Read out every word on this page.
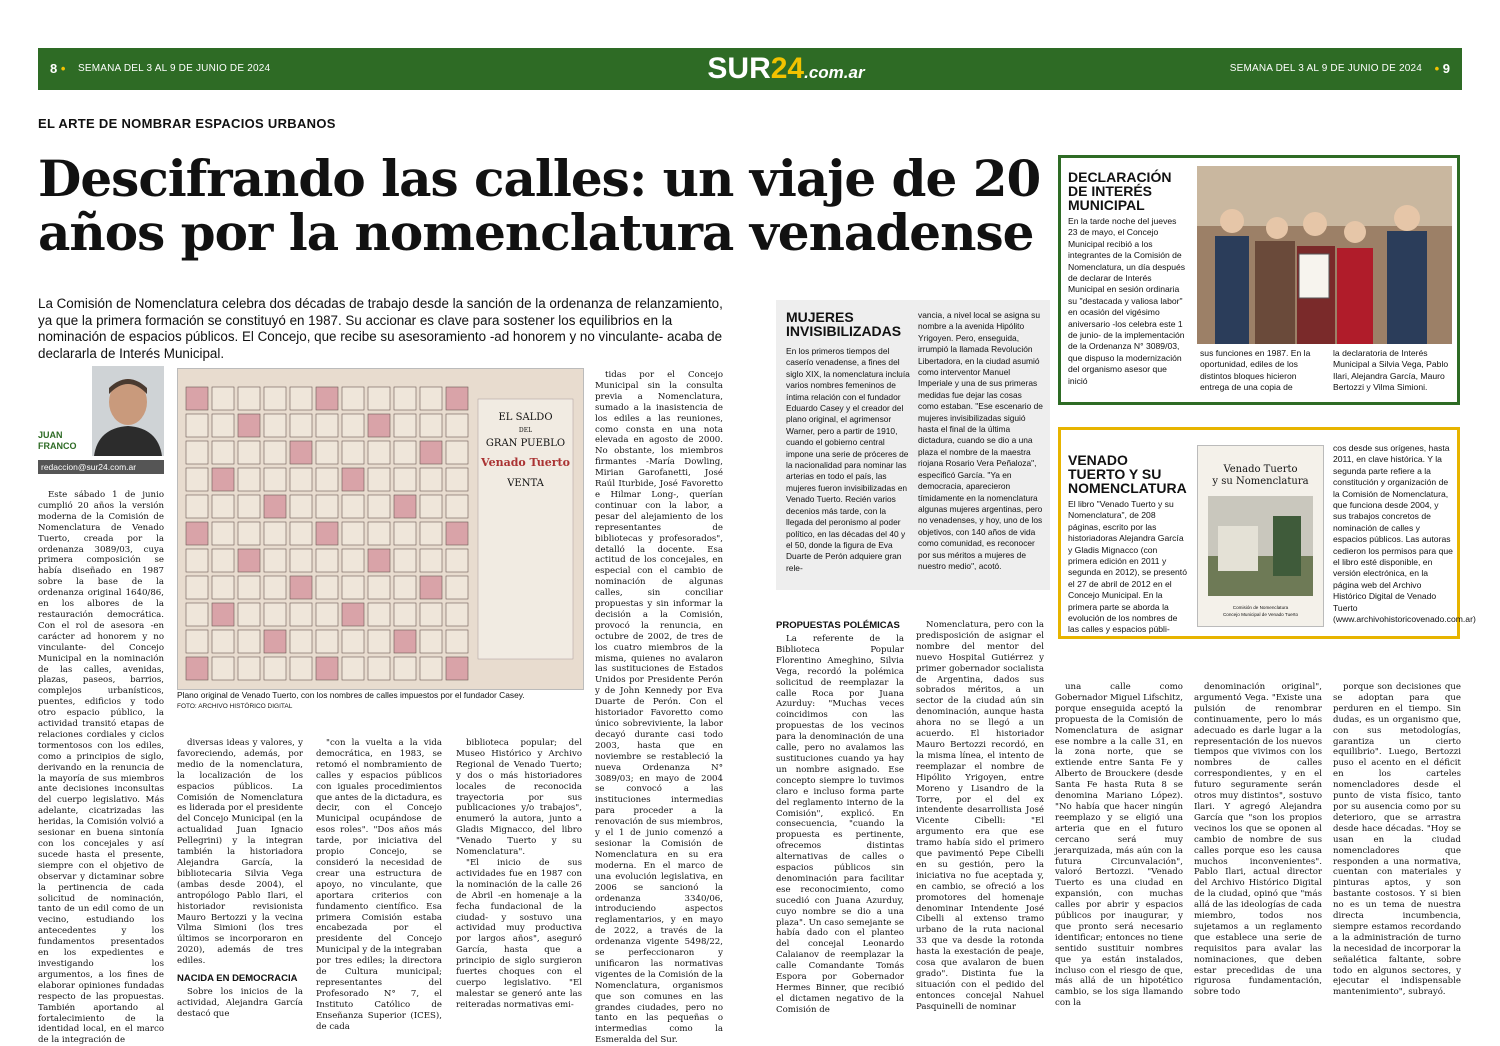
8 • SEMANA DEL 3 AL 9 DE JUNIO DE 2024	SUR24.com.ar	SEMANA DEL 3 AL 9 DE JUNIO DE 2024 • 9
EL ARTE DE NOMBRAR ESPACIOS URBANOS
Descifrando las calles: un viaje de 20 años por la nomenclatura venadense
La Comisión de Nomenclatura celebra dos décadas de trabajo desde la sanción de la ordenanza de relanzamiento, ya que la primera formación se constituyó en 1987. Su accionar es clave para sostener los equilibrios en la nominación de espacios públicos. El Concejo, que recibe su asesoramiento -ad honorem y no vinculante- acaba de declararla de Interés Municipal.
JUAN
FRANCO
redaccion@sur24.com.ar
EL SALDO
DEL
GRAN PUEBLO
Venado Tuerto
VENTA
Plano original de Venado Tuerto, con los nombres de calles impuestos por el fundador Casey.
FOTO: ARCHIVO HISTÓRICO DIGITAL

Este sábado 1 de junio cumplió 20 años la versión moderna de la Comisión de Nomenclatura de Venado Tuerto, creada por la ordenanza 3089/03, cuya primera composición se había diseñado en 1987 sobre la base de la ordenanza original 1640/86, en los albores de la restauración democrática. Con el rol de asesora -en carácter ad honorem y no vinculante- del Concejo Municipal en la nominación de las calles, avenidas, plazas, paseos, barrios, complejos urbanísticos, puentes, edificios y todo otro espacio público, la actividad transitó etapas de relaciones cordiales y ciclos tormentosos con los ediles, como a principios de siglo, derivando en la renuncia de la mayoría de sus miembros ante decisiones inconsultas del cuerpo legislativo. Más adelante, cicatrizadas las heridas, la Comisión volvió a sesionar en buena sintonía con los concejales y así sucede hasta el presente, siempre con el objetivo de observar y dictaminar sobre la pertinencia de cada solicitud de nominación, tanto de un edil como de un vecino, estudiando los antecedentes y los fundamentos presentados en los expedientes e investigando los argumentos, a los fines de elaborar opiniones fundadas respecto de las propuestas. También aportando al fortalecimiento de la identidad local, en el marco de la integración de

diversas ideas y valores, y favoreciendo, además, por medio de la nomenclatura, la localización de los espacios públicos. La Comisión de Nomenclatura es liderada por el presidente del Concejo Municipal (en la actualidad Juan Ignacio Pellegrini) y la integran también la historiadora Alejandra García, la bibliotecaria Silvia Vega (ambas desde 2004), el antropólogo Pablo Ilari, el historiador revisionista Mauro Bertozzi y la vecina Vilma Simioni (los tres últimos se incorporaron en 2020), además de tres ediles.

NACIDA EN DEMOCRACIA

Sobre los inicios de la actividad, Alejandra García destacó que

"con la vuelta a la vida democrática, en 1983, se retomó el nombramiento de calles y espacios públicos con iguales procedimientos que antes de la dictadura, es decir, con el Concejo Municipal ocupándose de esos roles". "Dos años más tarde, por iniciativa del propio Concejo, se consideró la necesidad de crear una estructura de apoyo, no vinculante, que aportara criterios con fundamento científico. Esa primera Comisión estaba encabezada por el presidente del Concejo Municipal y de la integraban por tres ediles; la directora de Cultura municipal; representantes del Profesorado N° 7, el Instituto Católico de Enseñanza Superior (ICES), de cada

biblioteca popular; del Museo Histórico y Archivo Regional de Venado Tuerto; y dos o más historiadores locales de reconocida trayectoria por sus publicaciones y/o trabajos", enumeró la autora, junto a Gladis Mignacco, del libro "Venado Tuerto y su Nomenclatura".

"El inicio de sus actividades fue en 1987 con la nominación de la calle 26 de Abril -en homenaje a la fecha fundacional de la ciudad- y sostuvo una actividad muy productiva por largos años", aseguró García, hasta que a principio de siglo surgieron fuertes choques con el cuerpo legislativo. "El malestar se generó ante las reiteradas normativas emi-

tidas por el Concejo Municipal sin la consulta previa a Nomenclatura, sumado a la inasistencia de los ediles a las reuniones, como consta en una nota elevada en agosto de 2000. No obstante, los miembros firmantes -María Dowling, Mirian Garofanetti, José Raúl Iturbide, José Favoretto e Hilmar Long-, querían continuar con la labor, a pesar del alejamiento de los representantes de bibliotecas y profesorados", detalló la docente. Esa actitud de los concejales, en especial con el cambio de nominación de algunas calles, sin conciliar propuestas y sin informar la decisión a la Comisión, provocó la renuncia, en octubre de 2002, de tres de los cuatro miembros de la misma, quienes no avalaron las sustituciones de Estados Unidos por Presidente Perón y de John Kennedy por Eva Duarte de Perón. Con el historiador Favoretto como único sobreviviente, la labor decayó durante casi todo 2003, hasta que en noviembre se restableció la nueva Ordenanza N° 3089/03; en mayo de 2004 se convocó a las instituciones intermedias para proceder a la renovación de sus miembros, y el 1 de junio comenzó a sesionar la Comisión de Nomenclatura en su era moderna. En el marco de una evolución legislativa, en 2006 se sancionó la ordenanza 3340/06, introduciendo aspectos reglamentarios, y en mayo de 2022, a través de la ordenanza vigente 5498/22, se perfeccionaron y unificaron las normativas vigentes de la Comisión de la Nomenclatura, organismos que son comunes en las grandes ciudades, pero no tanto en las pequeñas o intermedias como la Esmeralda del Sur.

MUJERES INVISIBILIZADAS
En los primeros tiempos del caserío venadense, a fines del siglo XIX, la nomenclatura incluía varios nombres femeninos de íntima relación con el fundador Eduardo Casey y el creador del plano original, el agrimensor Warner, pero a partir de 1910, cuando el gobierno central impone una serie de próceres de la nacionalidad para nominar las arterias en todo el país, las mujeres fueron invisibilizadas en Venado Tuerto. Recién varios decenios más tarde, con la llegada del peronismo al poder político, en las décadas del 40 y el 50, donde la figura de Eva Duarte de Perón adquiere gran rele-
vancia, a nivel local se asigna su nombre a la avenida Hipólito Yrigoyen. Pero, enseguida, irrumpió la llamada Revolución Libertadora, en la ciudad asumió como interventor Manuel Imperiale y una de sus primeras medidas fue dejar las cosas como estaban. "Ese escenario de mujeres invisibilizadas siguió hasta el final de la última dictadura, cuando se dio a una plaza el nombre de la maestra riojana Rosario Vera Peñaloza", especificó García. "Ya en democracia, aparecieron tímidamente en la nomenclatura algunas mujeres argentinas, pero no venadenses, y hoy, uno de los objetivos, con 140 años de vida como comunidad, es reconocer por sus méritos a mujeres de nuestro medio", acotó.
PROPUESTAS POLÉMICAS

La referente de la Biblioteca Popular Florentino Ameghino, Silvia Vega, recordó la polémica solicitud de reemplazar la calle Roca por Juana Azurduy: "Muchas veces coincidimos con las propuestas de los vecinos para la denominación de una calle, pero no avalamos las sustituciones cuando ya hay un nombre asignado. Ese concepto siempre lo tuvimos claro e incluso forma parte del reglamento interno de la Comisión", explicó. En consecuencia, "cuando la propuesta es pertinente, ofrecemos distintas alternativas de calles o espacios públicos sin denominación para facilitar ese reconocimiento, como sucedió con Juana Azurduy, cuyo nombre se dio a una plaza". Un caso semejante se había dado con el planteo del concejal Leonardo Calaianov de reemplazar la calle Comandante Tomás Espora por Gobernador Hermes Binner, que recibió el dictamen negativo de la Comisión de

Nomenclatura, pero con la predisposición de asignar el nombre del mentor del nuevo Hospital Gutiérrez y primer gobernador socialista de Argentina, dados sus sobrados méritos, a un sector de la ciudad aún sin denominación, aunque hasta ahora no se llegó a un acuerdo. El historiador Mauro Bertozzi recordó, en la misma línea, el intento de reemplazar el nombre de Hipólito Yrigoyen, entre Moreno y Lisandro de la Torre, por el del ex intendente desarrollista José Vicente Cibelli: "El argumento era que ese tramo había sido el primero que pavimentó Pepe Cibelli en su gestión, pero la iniciativa no fue aceptada y, en cambio, se ofreció a los promotores del homenaje denominar Intendente José Cibelli al extenso tramo urbano de la ruta nacional 33 que va desde la rotonda hasta la exestación de peaje, cosa que avalaron de buen grado". Distinta fue la situación con el pedido del entonces concejal Nahuel Pasquinelli de nominar

una calle como Gobernador Miguel Lifschitz, porque enseguida aceptó la propuesta de la Comisión de Nomenclatura de asignar ese nombre a la calle 31, en la zona norte, que se extiende entre Santa Fe y Alberto de Brouckere (desde Santa Fe hasta Ruta 8 se denomina Mariano López). "No había que hacer ningún reemplazo y se eligió una arteria que en el futuro cercano será muy jerarquizada, más aún con la futura Circunvalación", valoró Bertozzi. "Venado Tuerto es una ciudad en expansión, con muchas calles por abrir y espacios públicos por inaugurar, y que pronto será necesario identificar; entonces no tiene sentido sustituir nombres que ya están instalados, incluso con el riesgo de que, más allá de un hipotético cambio, se los siga llamando con la

denominación original", argumentó Vega. "Existe una pulsión de renombrar continuamente, pero lo más adecuado es darle lugar a la representación de los nuevos tiempos que vivimos con los nombres de calles correspondientes, y en el futuro seguramente serán otros muy distintos", sostuvo Ilari. Y agregó Alejandra García que "son los propios vecinos los que se oponen al cambio de nombre de sus calles porque eso les causa muchos inconvenientes". Pablo Ilari, actual director del Archivo Histórico Digital de la ciudad, opinó que "más allá de las ideologías de cada miembro, todos nos sujetamos a un reglamento que establece una serie de requisitos para avalar las nominaciones, que deben estar precedidas de una rigurosa fundamentación, sobre todo

porque son decisiones que se adoptan para que perduren en el tiempo. Sin dudas, es un organismo que, con sus metodologías, garantiza un cierto equilibrio". Luego, Bertozzi puso el acento en el déficit en los carteles nomencladores desde el punto de vista físico, tanto por su ausencia como por su deterioro, que se arrastra desde hace décadas. "Hoy se usan en la ciudad nomencladores que responden a una normativa, cuentan con materiales y pinturas aptos, y son bastante costosos. Y si bien no es un tema de nuestra directa incumbencia, siempre estamos recordando a la administración de turno la necesidad de incorporar la señalética faltante, sobre todo en algunos sectores, y ejecutar el indispensable mantenimiento", subrayó.

DECLARACIÓN DE INTERÉS MUNICIPAL
En la tarde noche del jueves 23 de mayo, el Concejo Municipal recibió a los integrantes de la Comisión de Nomenclatura, un día después de declarar de Interés Municipal en sesión ordinaria su "destacada y valiosa labor" en ocasión del vigésimo aniversario -los celebra este 1 de junio- de la implementación de la Ordenanza N° 3089/03, que dispuso la modernización del organismo asesor que inició
sus funciones en 1987. En la oportunidad, ediles de los distintos bloques hicieron entrega de una copia de
la declaratoria de Interés Municipal a Silvia Vega, Pablo Ilari, Alejandra García, Mauro Bertozzi y Vilma Simioni.
VENADO TUERTO Y SU NOMENCLATURA
El libro "Venado Tuerto y su Nomenclatura", de 208 páginas, escrito por las historiadoras Alejandra García y Gladis Mignacco (con primera edición en 2011 y segunda en 2012), se presentó el 27 de abril de 2012 en el Concejo Municipal. En la primera parte se aborda la evolución de los nombres de las calles y espacios públi-
Venado Tuerto
y su Nomenclatura
Comisión de Nomenclatura
Concejo Municipal de Venado Tuerto
cos desde sus orígenes, hasta 2011, en clave histórica. Y la segunda parte refiere a la constitución y organización de la Comisión de Nomenclatura, que funciona desde 2004, y sus trabajos concretos de nominación de calles y espacios públicos. Las autoras cedieron los permisos para que el libro esté disponible, en versión electrónica, en la página web del Archivo Histórico Digital de Venado Tuerto (www.archivohistoricovenado.com.ar)
